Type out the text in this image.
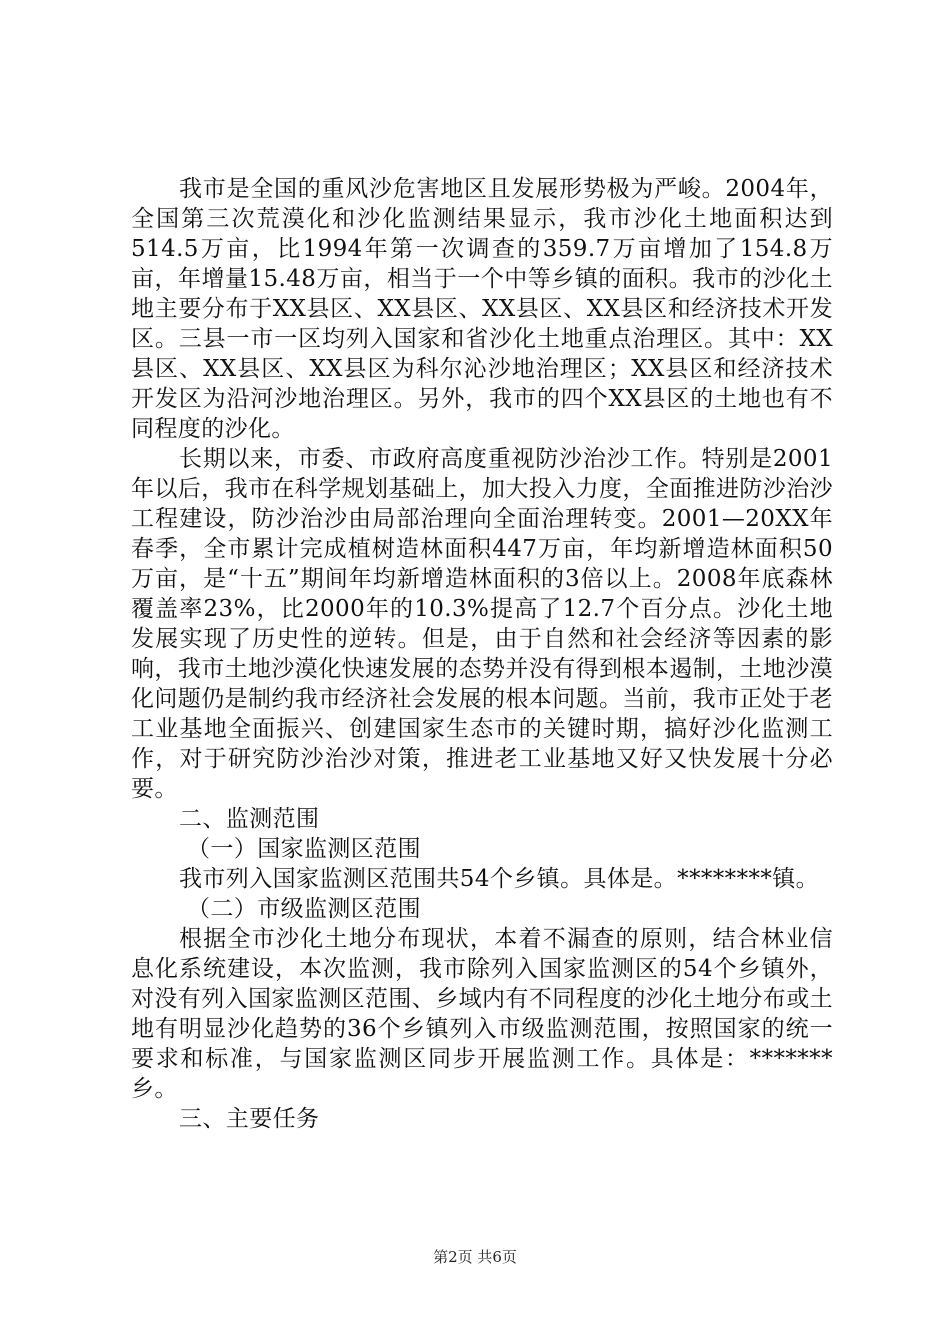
我市是全国的重风沙危害地区且发展形势极为严峻。2004年，全国第三次荒漠化和沙化监测结果显示，我市沙化土地面积达到514.5万亩，比1994年第一次调查的359.7万亩增加了154.8万亩，年增量15.48万亩，相当于一个中等乡镇的面积。我市的沙化土地主要分布于XX县区、XX县区、XX县区、XX县区和经济技术开发区。三县一市一区均列入国家和省沙化土地重点治理区。其中：XX县区、XX县区、XX县区为科尔沁沙地治理区；XX县区和经济技术开发区为沿河沙地治理区。另外，我市的四个XX县区的土地也有不同程度的沙化。

长期以来，市委、市政府高度重视防沙治沙工作。特别是2001年以后，我市在科学规划基础上，加大投入力度，全面推进防沙治沙工程建设，防沙治沙由局部治理向全面治理转变。2001—20XX年春季，全市累计完成植树造林面积447万亩，年均新增造林面积50万亩，是“十五”期间年均新增造林面积的3倍以上。2008年底森林覆盖率23%，比2000年的10.3%提高了12.7个百分点。沙化土地发展实现了历史性的逆转。但是，由于自然和社会经济等因素的影响，我市土地沙漠化快速发展的态势并没有得到根本遏制，土地沙漠化问题仍是制约我市经济社会发展的根本问题。当前，我市正处于老工业基地全面振兴、创建国家生态市的关键时期，搞好沙化监测工作，对于研究防沙治沙对策，推进老工业基地又好又快发展十分必要。

二、监测范围

（一）国家监测区范围

我市列入国家监测区范围共54个乡镇。具体是。********镇。

（二）市级监测区范围

根据全市沙化土地分布现状，本着不漏查的原则，结合林业信息化系统建设，本次监测，我市除列入国家监测区的54个乡镇外，对没有列入国家监测区范围、乡域内有不同程度的沙化土地分布或土地有明显沙化趋势的36个乡镇列入市级监测范围，按照国家的统一要求和标准，与国家监测区同步开展监测工作。具体是：*******乡。

三、主要任务

第2页 共6页
